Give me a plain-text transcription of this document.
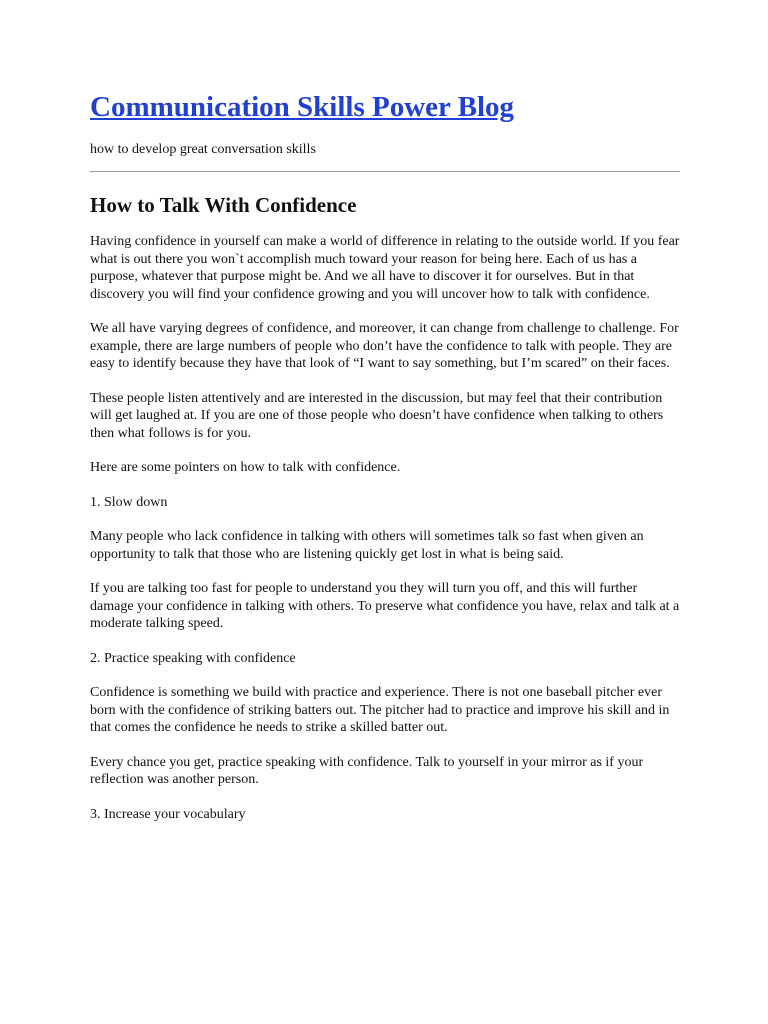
Communication Skills Power Blog
how to develop great conversation skills
How to Talk With Confidence

Having confidence in yourself can make a world of difference in relating to the outside world. If you fear what is out there you won`t accomplish much toward your reason for being here. Each of us has a purpose, whatever that purpose might be. And we all have to discover it for ourselves. But in that discovery you will find your confidence growing and you will uncover how to talk with confidence.

We all have varying degrees of confidence, and moreover, it can change from challenge to challenge. For example, there are large numbers of people who don’t have the confidence to talk with people. They are easy to identify because they have that look of “I want to say something, but I’m scared” on their faces.

These people listen attentively and are interested in the discussion, but may feel that their contribution will get laughed at. If you are one of those people who doesn’t have confidence when talking to others then what follows is for you.

Here are some pointers on how to talk with confidence.

1. Slow down

Many people who lack confidence in talking with others will sometimes talk so fast when given an opportunity to talk that those who are listening quickly get lost in what is being said.

If you are talking too fast for people to understand you they will turn you off, and this will further damage your confidence in talking with others. To preserve what confidence you have, relax and talk at a moderate talking speed.

2. Practice speaking with confidence

Confidence is something we build with practice and experience. There is not one baseball pitcher ever born with the confidence of striking batters out. The pitcher had to practice and improve his skill and in that comes the confidence he needs to strike a skilled batter out.

Every chance you get, practice speaking with confidence. Talk to yourself in your mirror as if your reflection was another person.

3. Increase your vocabulary
